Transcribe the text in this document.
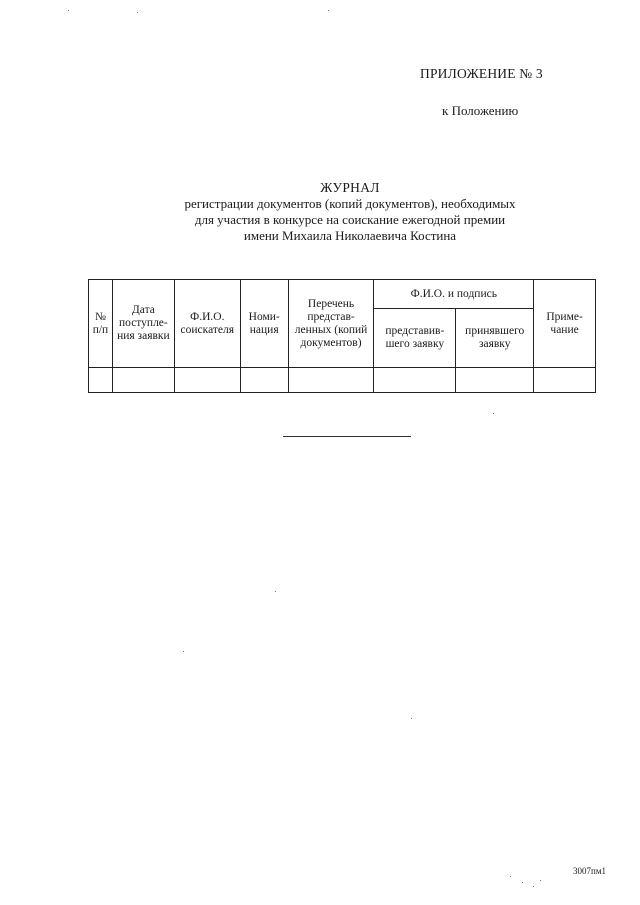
ПРИЛОЖЕНИЕ № 3
к Положению
ЖУРНАЛ
регистрации документов (копий документов), необходимых
для участия в конкурсе на соискание ежегодной премии
имени Михаила Николаевича Костина
№ п/п	Дата поступле- ния заявки	Ф.И.О. соискателя	Номи- нация	Перечень представ- ленных (копий документов)	Ф.И.О. и подпись		Приме- чание
					представив- шего заявку	принявшего заявку	

3007пм1
